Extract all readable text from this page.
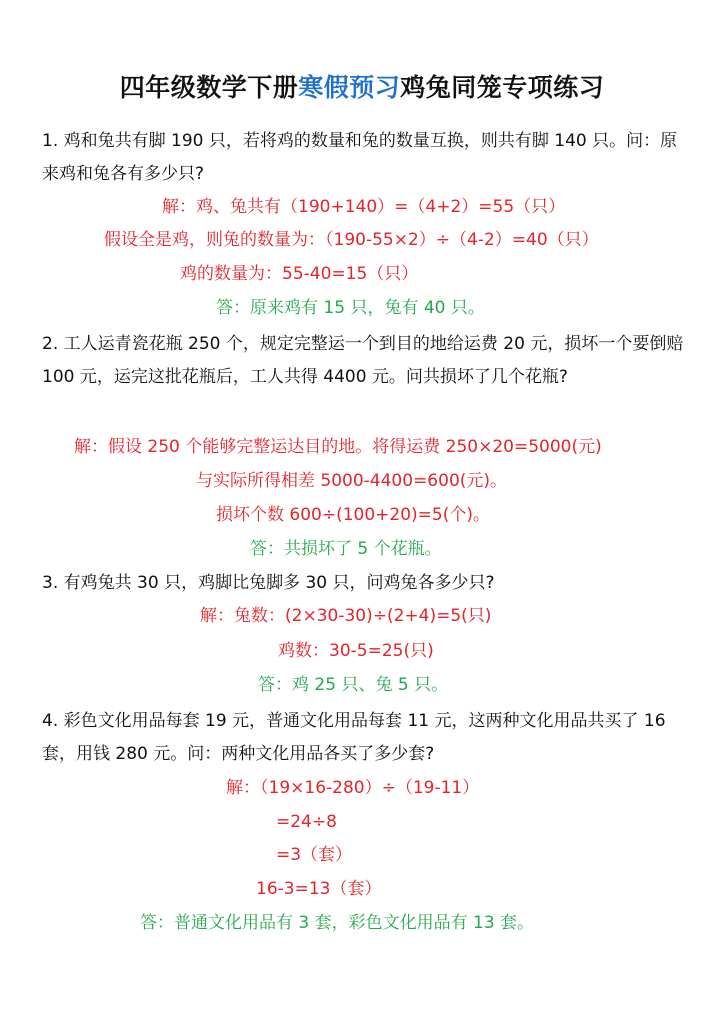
四年级数学下册寒假预习鸡兔同笼专项练习
1. 鸡和兔共有脚 190 只，若将鸡的数量和兔的数量互换，则共有脚 140 只。问：原来鸡和兔各有多少只?
解：鸡、兔共有（190+140）=（4+2）=55（只）
假设全是鸡，则兔的数量为：（190-55×2）÷（4-2）=40（只）
鸡的数量为：55-40=15（只）
答：原来鸡有 15 只，兔有 40 只。
2. 工人运青瓷花瓶 250 个，规定完整运一个到目的地给运费 20 元，损坏一个要倒赔 100 元，运完这批花瓶后，工人共得 4400 元。问共损坏了几个花瓶?
解：假设 250 个能够完整运达目的地。将得运费 250×20=5000(元)
与实际所得相差 5000-4400=600(元)。
损坏个数 600÷(100+20)=5(个)。
答：共损坏了 5 个花瓶。
3. 有鸡兔共 30 只，鸡脚比兔脚多 30 只，问鸡兔各多少只?
解：兔数：(2×30-30)÷(2+4)=5(只)
鸡数：30-5=25(只)
答：鸡 25 只、兔 5 只。
4. 彩色文化用品每套 19 元，普通文化用品每套 11 元，这两种文化用品共买了 16 套，用钱 280 元。问：两种文化用品各买了多少套?
解：（19×16-280）÷（19-11）
=24÷8
=3（套）
16-3=13（套）
答：普通文化用品有 3 套，彩色文化用品有 13 套。
